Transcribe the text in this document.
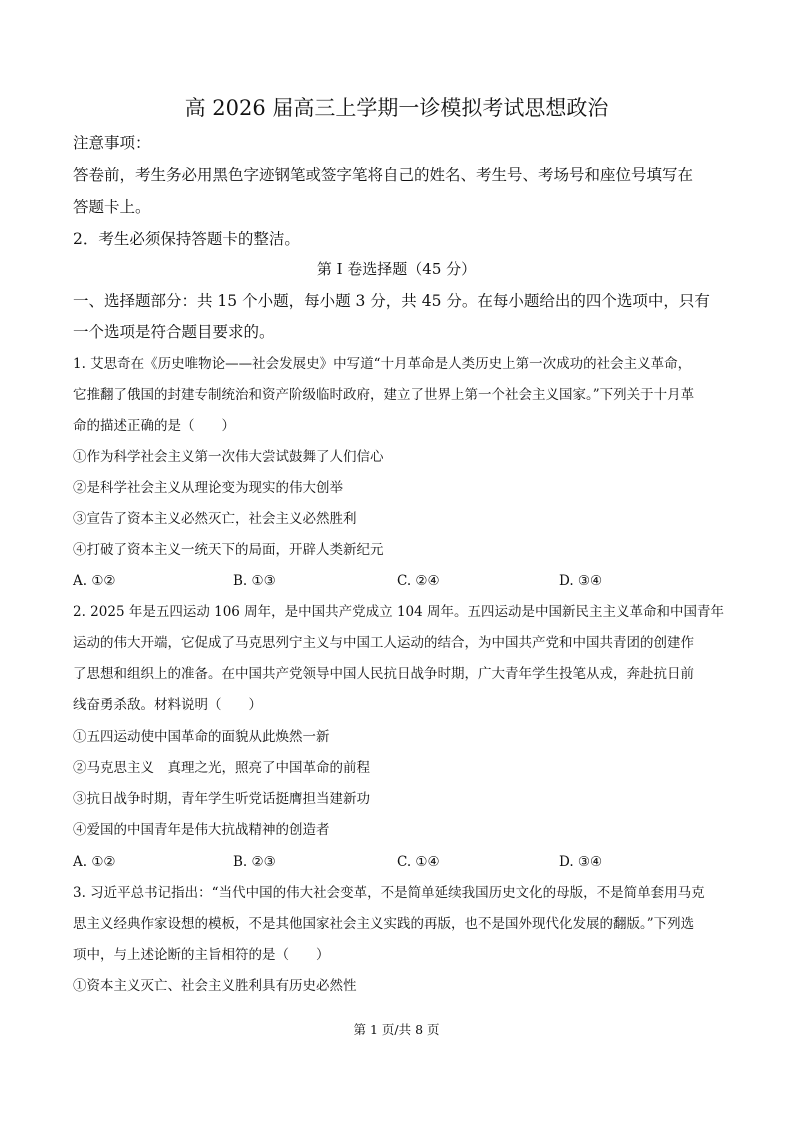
高 2026 届高三上学期一诊模拟考试思想政治
注意事项：
答卷前，考生务必用黑色字迹钢笔或签字笔将自己的姓名、考生号、考场号和座位号填写在
答题卡上。
2．考生必须保持答题卡的整洁。
第 I 卷选择题（45 分）
一、选择题部分：共 15 个小题，每小题 3 分，共 45 分。在每小题给出的四个选项中，只有
一个选项是符合题目要求的。
1. 艾思奇在《历史唯物论——社会发展史》中写道“十月革命是人类历史上第一次成功的社会主义革命，
它推翻了俄国的封建专制统治和资产阶级临时政府，建立了世界上第一个社会主义国家。”下列关于十月革
命的描述正确的是（　　）
①作为科学社会主义第一次伟大尝试鼓舞了人们信心
②是科学社会主义从理论变为现实的伟大创举
③宣告了资本主义必然灭亡，社会主义必然胜利
④打破了资本主义一统天下的局面，开辟人类新纪元
A. ①②	B. ①③	C. ②④	D. ③④
2. 2025 年是五四运动 106 周年，是中国共产党成立 104 周年。五四运动是中国新民主主义革命和中国青年
运动的伟大开端，它促成了马克思列宁主义与中国工人运动的结合，为中国共产党和中国共青团的创建作
了思想和组织上的准备。在中国共产党领导中国人民抗日战争时期，广大青年学生投笔从戎，奔赴抗日前
线奋勇杀敌。材料说明（　　）
①五四运动使中国革命的面貌从此焕然一新
②马克思主义　真理之光，照亮了中国革命的前程
③抗日战争时期，青年学生听党话挺膺担当建新功
④爱国的中国青年是伟大抗战精神的创造者
A. ①②	B. ②③	C. ①④	D. ③④
3. 习近平总书记指出：“当代中国的伟大社会变革，不是简单延续我国历史文化的母版，不是简单套用马克
思主义经典作家设想的模板，不是其他国家社会主义实践的再版，也不是国外现代化发展的翻版。”下列选
项中，与上述论断的主旨相符的是（　　）
①资本主义灭亡、社会主义胜利具有历史必然性
第 1 页/共 8 页
